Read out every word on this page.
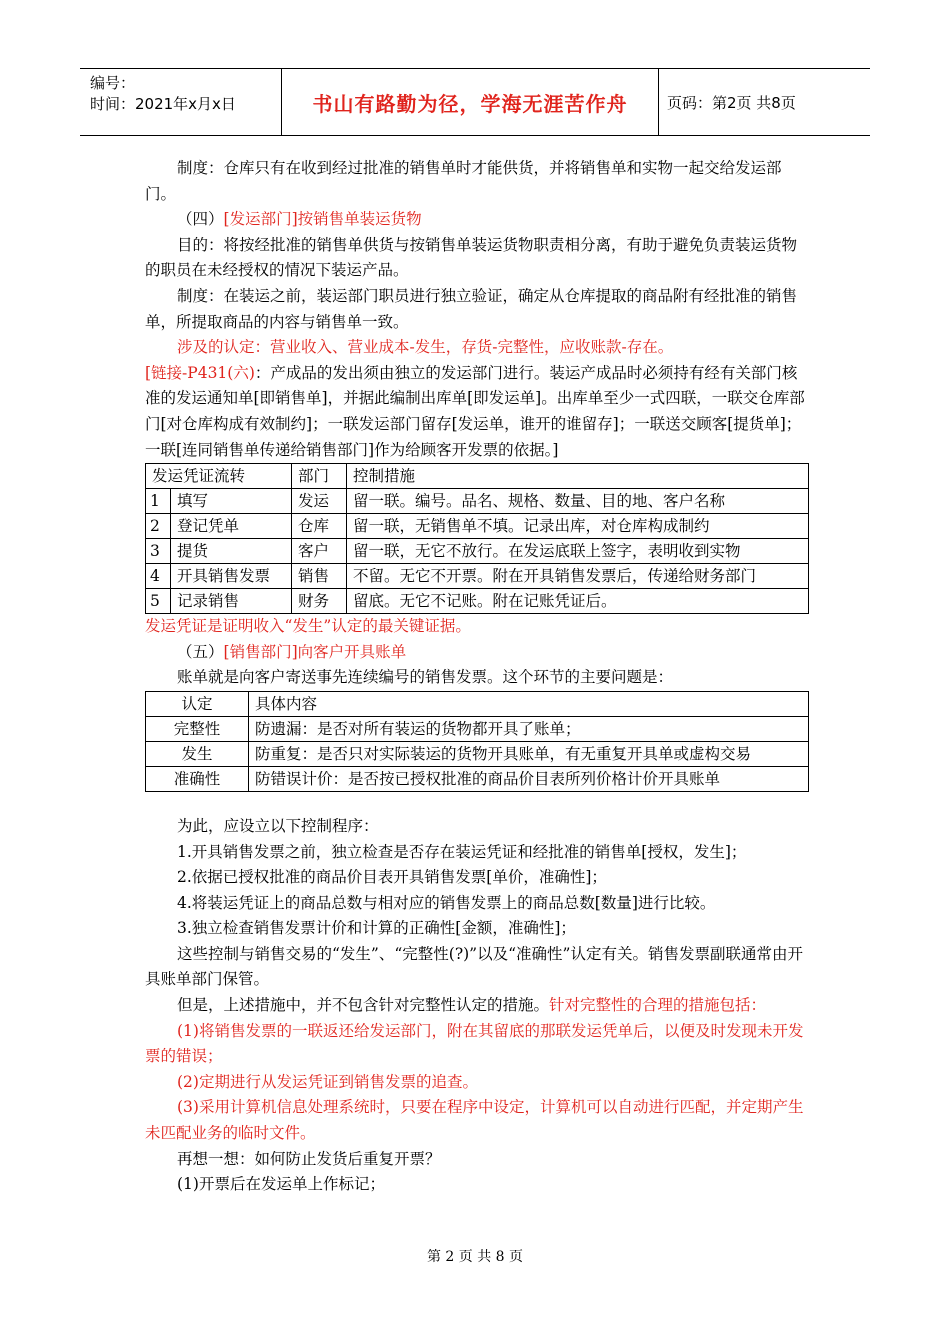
编号：
时间：2021年x月x日	书山有路勤为径，学海无涯苦作舟	页码：第2页 共8页

制度：仓库只有在收到经过批准的销售单时才能供货，并将销售单和实物一起交给发运部门。

（四）[发运部门]按销售单装运货物

目的：将按经批准的销售单供货与按销售单装运货物职责相分离，有助于避免负责装运货物的职员在未经授权的情况下装运产品。

制度：在装运之前，装运部门职员进行独立验证，确定从仓库提取的商品附有经批准的销售单，所提取商品的内容与销售单一致。

涉及的认定：营业收入、营业成本-发生，存货-完整性，应收账款-存在。

[链接-P431(六)：产成品的发出须由独立的发运部门进行。装运产成品时必须持有经有关部门核准的发运通知单[即销售单]，并据此编制出库单[即发运单]。出库单至少一式四联，一联交仓库部门[对仓库构成有效制约]；一联发运部门留存[发运单，谁开的谁留存]；一联送交顾客[提货单]；一联[连同销售单传递给销售部门]作为给顾客开发票的依据。]

发运凭证流转		部门	控制措施
1	填写	发运	留一联。编号。品名、规格、数量、目的地、客户名称
2	登记凭单	仓库	留一联，无销售单不填。记录出库，对仓库构成制约
3	提货	客户	留一联，无它不放行。在发运底联上签字，表明收到实物
4	开具销售发票	销售	不留。无它不开票。附在开具销售发票后，传递给财务部门
5	记录销售	财务	留底。无它不记账。附在记账凭证后。

发运凭证是证明收入“发生”认定的最关键证据。

（五）[销售部门]向客户开具账单

账单就是向客户寄送事先连续编号的销售发票。这个环节的主要问题是：

认定	具体内容
完整性	防遗漏：是否对所有装运的货物都开具了账单；
发生	防重复：是否只对实际装运的货物开具账单，有无重复开具单或虚构交易
准确性	防错误计价：是否按已授权批准的商品价目表所列价格计价开具账单

为此，应设立以下控制程序：

1.开具销售发票之前，独立检查是否存在装运凭证和经批准的销售单[授权，发生]；

2.依据已授权批准的商品价目表开具销售发票[单价，准确性]；

4.将装运凭证上的商品总数与相对应的销售发票上的商品总数[数量]进行比较。

3.独立检查销售发票计价和计算的正确性[金额，准确性]；

这些控制与销售交易的“发生”、“完整性(?)”以及“准确性”认定有关。销售发票副联通常由开具账单部门保管。

但是，上述措施中，并不包含针对完整性认定的措施。针对完整性的合理的措施包括：

(1)将销售发票的一联返还给发运部门，附在其留底的那联发运凭单后，以便及时发现未开发票的错误；

(2)定期进行从发运凭证到销售发票的追查。

(3)采用计算机信息处理系统时，只要在程序中设定，计算机可以自动进行匹配，并定期产生未匹配业务的临时文件。

再想一想：如何防止发货后重复开票？

(1)开票后在发运单上作标记；

第 2 页 共 8 页
